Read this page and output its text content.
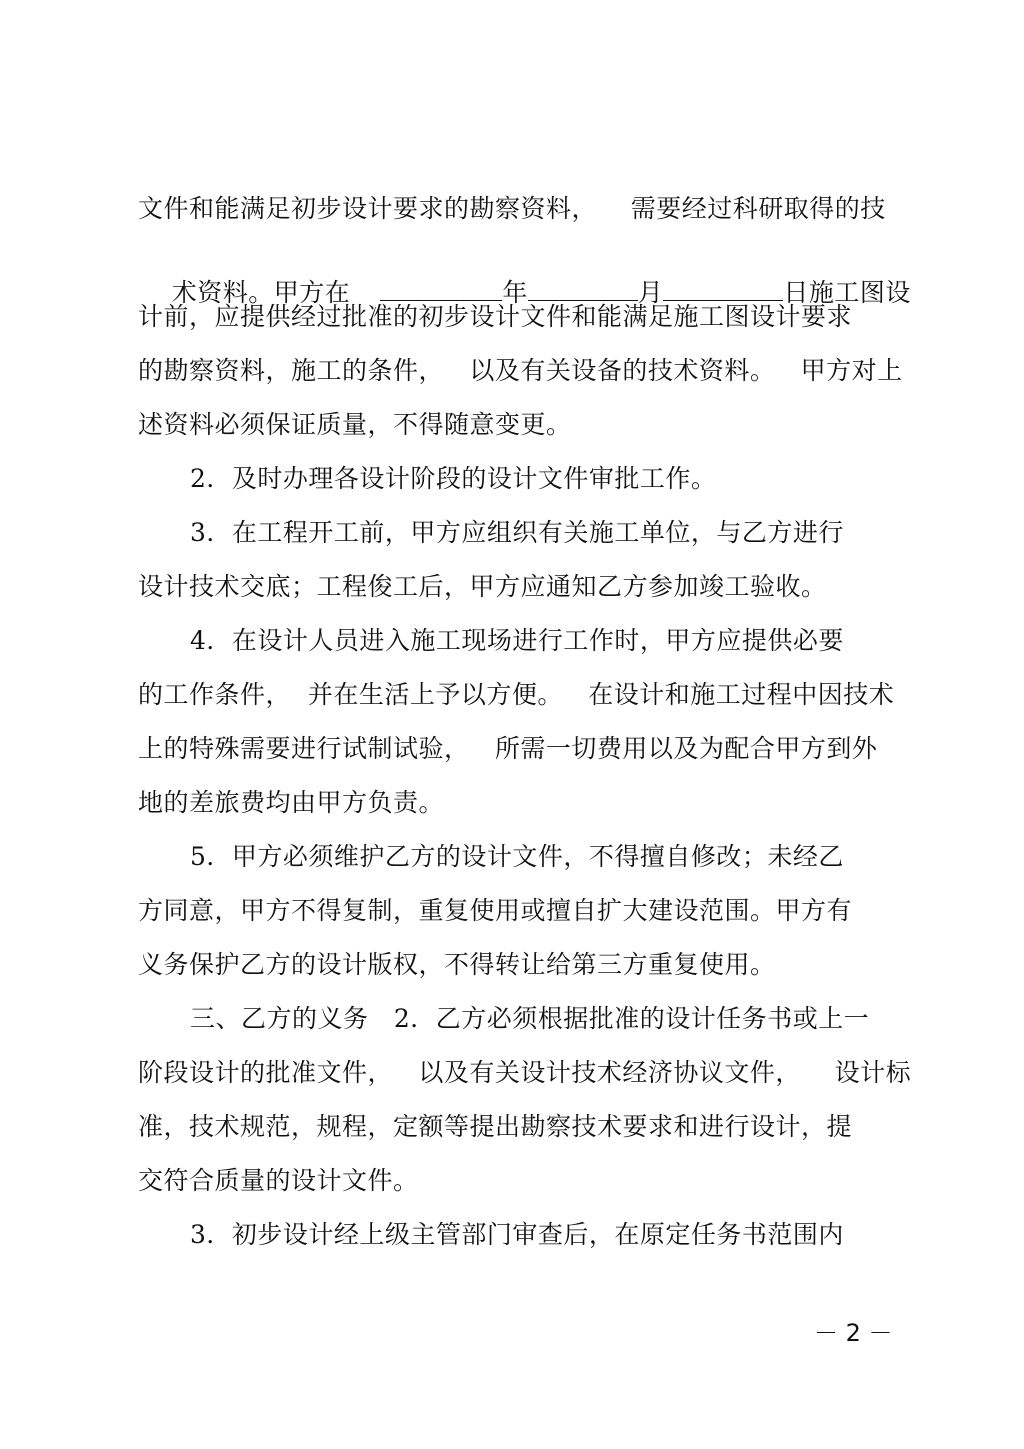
文件和能满足初步设计要求的勘察资料，    需要经过科研取得的技

术资料。甲方在	年	月	日施工图设

计前，应提供经过批准的初步设计文件和能满足施工图设计要求
的勘察资料，施工的条件，   以及有关设备的技术资料。   甲方对上
述资料必须保证质量，不得随意变更。
2．及时办理各设计阶段的设计文件审批工作。
3．在工程开工前，甲方应组织有关施工单位，与乙方进行
设计技术交底；工程俊工后，甲方应通知乙方参加竣工验收。
4．在设计人员进入施工现场进行工作时，甲方应提供必要
的工作条件，  并在生活上予以方便。   在设计和施工过程中因技术
上的特殊需要进行试制试验，   所需一切费用以及为配合甲方到外
地的差旅费均由甲方负责。
5．甲方必须维护乙方的设计文件，不得擅自修改；未经乙
方同意，甲方不得复制，重复使用或擅自扩大建设范围。甲方有
义务保护乙方的设计版权，不得转让给第三方重复使用。
三、乙方的义务   2．乙方必须根据批准的设计任务书或上一
阶段设计的批准文件，   以及有关设计技术经济协议文件，    设计标
准，技术规范，规程，定额等提出勘察技术要求和进行设计，提
交符合质量的设计文件。
3．初步设计经上级主管部门审查后，在原定任务书范围内
－ 2 －
